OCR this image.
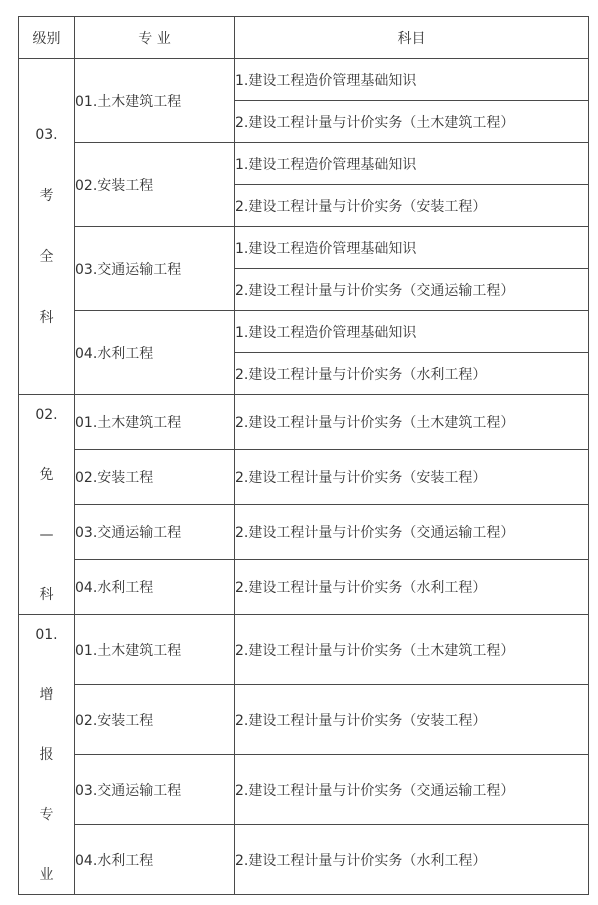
级别	专 业	科目

03.
考
全
科	01.土木建筑工程	1.建设工程造价管理基础知识
		2.建设工程计量与计价实务（土木建筑工程）
	02.安装工程	1.建设工程造价管理基础知识
		2.建设工程计量与计价实务（安装工程）
	03.交通运输工程	1.建设工程造价管理基础知识
		2.建设工程计量与计价实务（交通运输工程）
	04.水利工程	1.建设工程造价管理基础知识
		2.建设工程计量与计价实务（水利工程）

02.
免
—
科	01.土木建筑工程	2.建设工程计量与计价实务（土木建筑工程）
	02.安装工程	2.建设工程计量与计价实务（安装工程）
	03.交通运输工程	2.建设工程计量与计价实务（交通运输工程）
	04.水利工程	2.建设工程计量与计价实务（水利工程）

01.
增
报
专
业	01.土木建筑工程	2.建设工程计量与计价实务（土木建筑工程）
	02.安装工程	2.建设工程计量与计价实务（安装工程）
	03.交通运输工程	2.建设工程计量与计价实务（交通运输工程）
	04.水利工程	2.建设工程计量与计价实务（水利工程）
